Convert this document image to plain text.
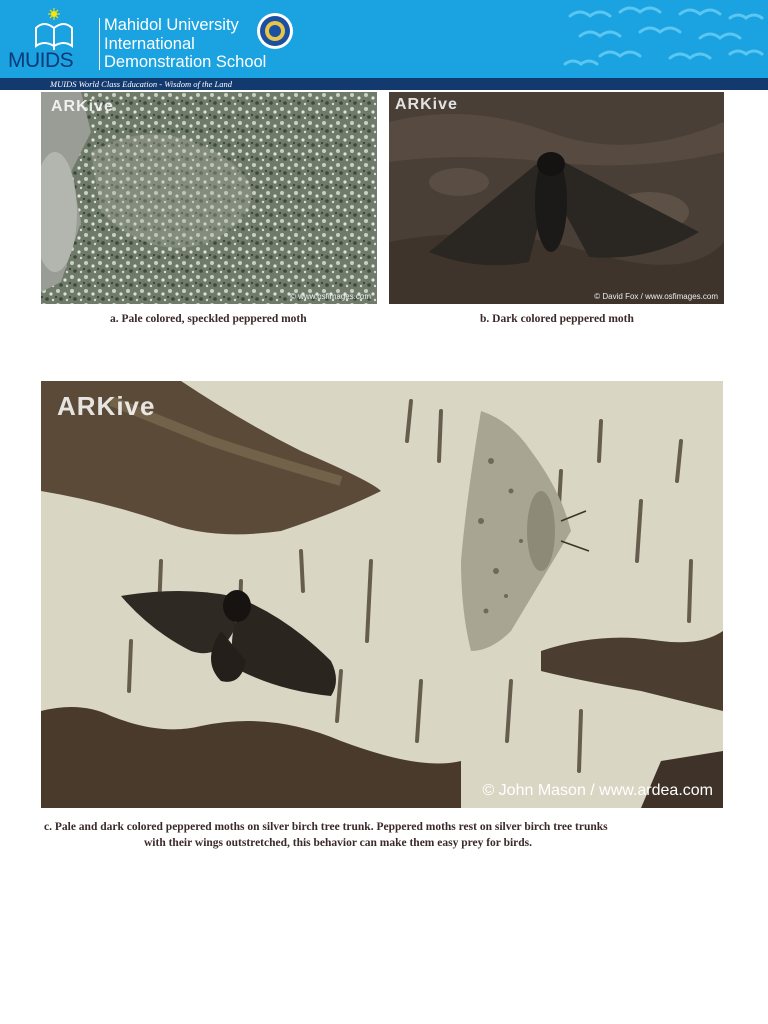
MUIDS
Mahidol University
International
Demonstration School
MUIDS World Class Education - Wisdom of the Land
ARKive
© www.osfimages.com
ARKive
© David Fox / www.osfimages.com
a. Pale colored, speckled peppered moth	b. Dark colored peppered moth
ARKive
© John Mason / www.ardea.com
c. Pale and dark colored peppered moths on silver birch tree trunk. Peppered moths rest on silver birch tree trunks
with their wings outstretched, this behavior can make them easy prey for birds.
